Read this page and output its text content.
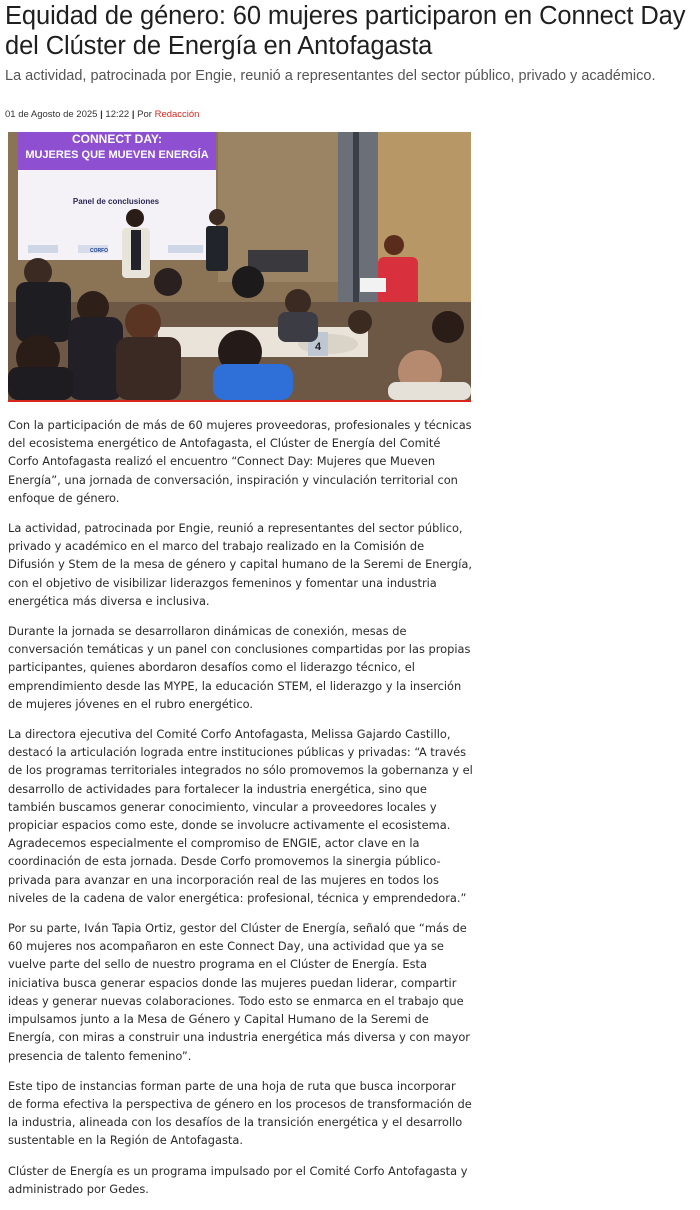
Equidad de género: 60 mujeres participaron en Connect Day del Clúster de Energía en Antofagasta
La actividad, patrocinada por Engie, reunió a representantes del sector público, privado y académico.
01 de Agosto de 2025 | 12:22 | Por Redacción
CONNECT DAY:
MUJERES QUE MUEVEN ENERGÍA
Panel de conclusiones
CORFO
4

Con la participación de más de 60 mujeres proveedoras, profesionales y técnicas del ecosistema energético de Antofagasta, el Clúster de Energía del Comité Corfo Antofagasta realizó el encuentro “Connect Day: Mujeres que Mueven Energía”, una jornada de conversación, inspiración y vinculación territorial con enfoque de género.

La actividad, patrocinada por Engie, reunió a representantes del sector público, privado y académico en el marco del trabajo realizado en la Comisión de Difusión y Stem de la mesa de género y capital humano de la Seremi de Energía, con el objetivo de visibilizar liderazgos femeninos y fomentar una industria energética más diversa e inclusiva.

Durante la jornada se desarrollaron dinámicas de conexión, mesas de conversación temáticas y un panel con conclusiones compartidas por las propias participantes, quienes abordaron desafíos como el liderazgo técnico, el emprendimiento desde las MYPE, la educación STEM, el liderazgo y la inserción de mujeres jóvenes en el rubro energético.

La directora ejecutiva del Comité Corfo Antofagasta, Melissa Gajardo Castillo, destacó la articulación lograda entre instituciones públicas y privadas: “A través de los programas territoriales integrados no sólo promovemos la gobernanza y el desarrollo de actividades para fortalecer la industria energética, sino que también buscamos generar conocimiento, vincular a proveedores locales y propiciar espacios como este, donde se involucre activamente el ecosistema. Agradecemos especialmente el compromiso de ENGIE, actor clave en la coordinación de esta jornada. Desde Corfo promovemos la sinergia público-privada para avanzar en una incorporación real de las mujeres en todos los niveles de la cadena de valor energética: profesional, técnica y emprendedora.”

Por su parte, Iván Tapia Ortiz, gestor del Clúster de Energía, señaló que “más de 60 mujeres nos acompañaron en este Connect Day, una actividad que ya se vuelve parte del sello de nuestro programa en el Clúster de Energía. Esta iniciativa busca generar espacios donde las mujeres puedan liderar, compartir ideas y generar nuevas colaboraciones. Todo esto se enmarca en el trabajo que impulsamos junto a la Mesa de Género y Capital Humano de la Seremi de Energía, con miras a construir una industria energética más diversa y con mayor presencia de talento femenino”.

Este tipo de instancias forman parte de una hoja de ruta que busca incorporar de forma efectiva la perspectiva de género en los procesos de transformación de la industria, alineada con los desafíos de la transición energética y el desarrollo sustentable en la Región de Antofagasta.

Clúster de Energía es un programa impulsado por el Comité Corfo Antofagasta y administrado por Gedes.
